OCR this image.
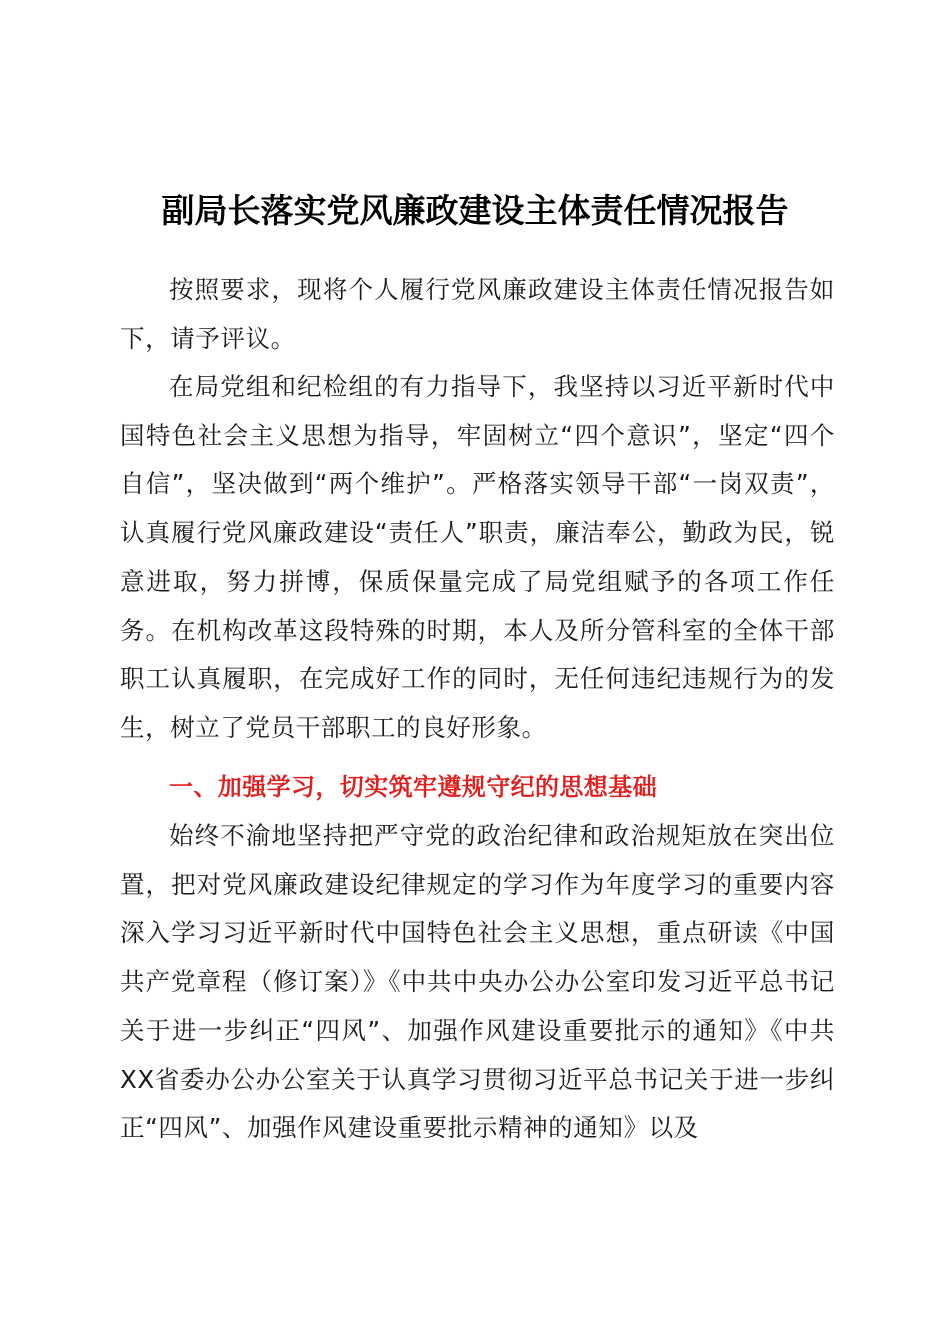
副局长落实党风廉政建设主体责任情况报告
按照要求，现将个人履行党风廉政建设主体责任情况报告如下，请予评议。
在局党组和纪检组的有力指导下，我坚持以习近平新时代中国特色社会主义思想为指导，牢固树立“四个意识”，坚定“四个自信”，坚决做到“两个维护”。严格落实领导干部“一岗双责”，认真履行党风廉政建设“责任人”职责，廉洁奉公，勤政为民，锐意进取，努力拼博，保质保量完成了局党组赋予的各项工作任务。在机构改革这段特殊的时期，本人及所分管科室的全体干部职工认真履职，在完成好工作的同时，无任何违纪违规行为的发生，树立了党员干部职工的良好形象。
一、加强学习，切实筑牢遵规守纪的思想基础
始终不渝地坚持把严守党的政治纪律和政治规矩放在突出位置，把对党风廉政建设纪律规定的学习作为年度学习的重要内容深入学习习近平新时代中国特色社会主义思想，重点研读《中国共产党章程（修订案）》《中共中央办公办公室印发习近平总书记关于进一步纠正“四风”、加强作风建设重要批示的通知》《中共XX省委办公办公室关于认真学习贯彻习近平总书记关于进一步纠正“四风”、加强作风建设重要批示精神的通知》以及
